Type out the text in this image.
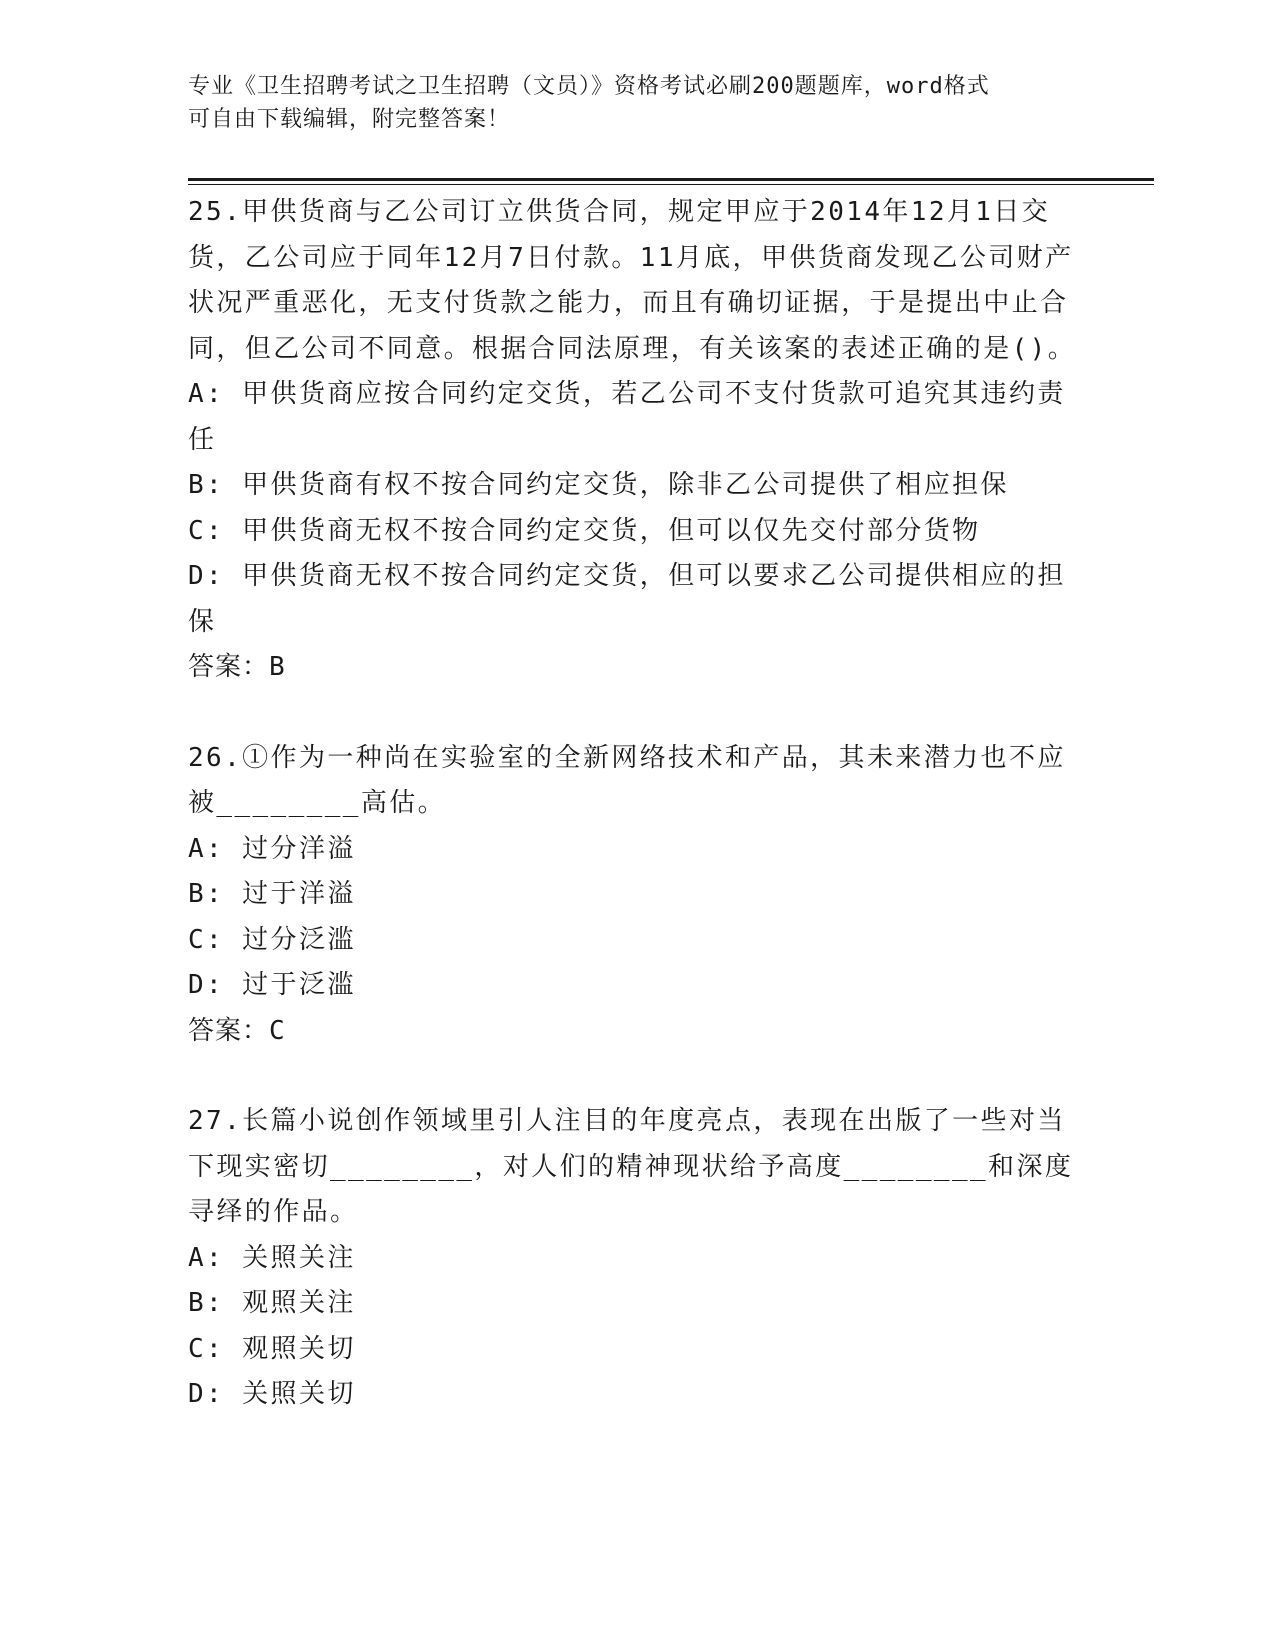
专业《卫生招聘考试之卫生招聘（文员）》资格考试必刷200题题库，word格式
可自由下载编辑，附完整答案！

25.甲供货商与乙公司订立供货合同，规定甲应于2014年12月1日交货，乙公司应于同年12月7日付款。11月底，甲供货商发现乙公司财产状况严重恶化，无支付货款之能力，而且有确切证据，于是提出中止合同，但乙公司不同意。根据合同法原理，有关该案的表述正确的是()。

A: 甲供货商应按合同约定交货，若乙公司不支付货款可追究其违约责任

B: 甲供货商有权不按合同约定交货，除非乙公司提供了相应担保

C: 甲供货商无权不按合同约定交货，但可以仅先交付部分货物

D: 甲供货商无权不按合同约定交货，但可以要求乙公司提供相应的担保

答案：B

26.①作为一种尚在实验室的全新网络技术和产品，其未来潜力也不应被________高估。

A: 过分洋溢

B: 过于洋溢

C: 过分泛滥

D: 过于泛滥

答案：C

27.长篇小说创作领域里引人注目的年度亮点，表现在出版了一些对当下现实密切________，对人们的精神现状给予高度________和深度寻绎的作品。

A: 关照关注

B: 观照关注

C: 观照关切

D: 关照关切
